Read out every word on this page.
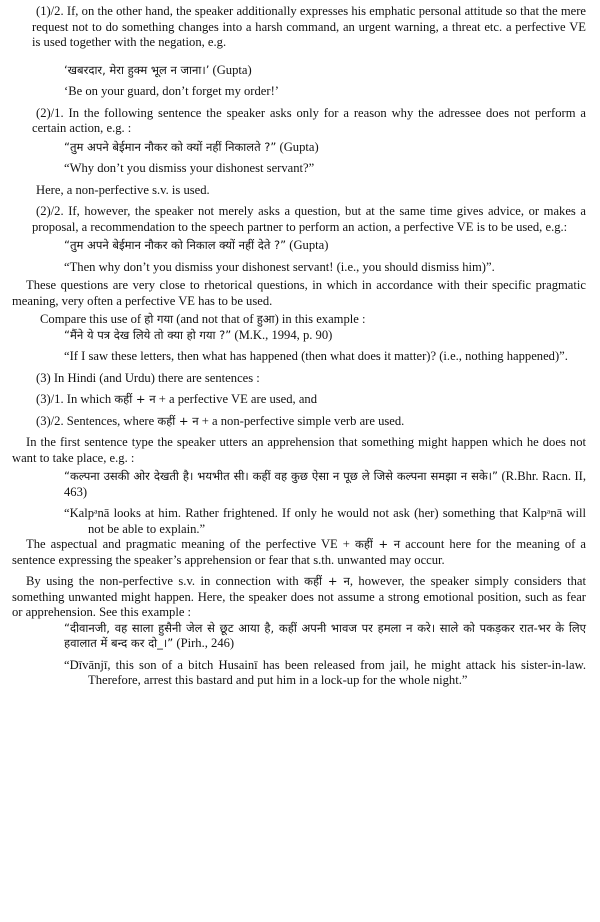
(1)/2. If, on the other hand, the speaker additionally expresses his emphatic personal attitude so that the mere request not to do something changes into a harsh command, an urgent warning, a threat etc. a perfective VE is used together with the negation, e.g.

‘खबरदार, मेरा हुक्म भूल न जाना।’ (Gupta)

‘Be on your guard, don’t forget my order!’

(2)/1. In the following sentence the speaker asks only for a reason why the adressee does not perform a certain action, e.g. :

“तुम अपने बेईमान नौकर को क्यों नहीं निकालते ?” (Gupta)

“Why don’t you dismiss your dishonest servant?”

Here, a non-perfective s.v. is used.

(2)/2. If, however, the speaker not merely asks a question, but at the same time gives advice, or makes a proposal, a recommendation to the speech partner to perform an action, a perfective VE is to be used, e.g.:

“तुम अपने बेईमान नौकर को निकाल क्यों नहीं देते ?” (Gupta)

“Then why don’t you dismiss your dishonest servant! (i.e., you should dismiss him)”.

These questions are very close to rhetorical questions, in which in accordance with their specific pragmatic meaning, very often a perfective VE has to be used.

Compare this use of हो गया (and not that of हुआ) in this example :

“मैंने ये पत्र देख लिये तो क्या हो गया ?” (M.K., 1994, p. 90)

“If I saw these letters, then what has happened (then what does it matter)? (i.e., nothing happened)”.

(3) In Hindi (and Urdu) there are sentences :

(3)/1. In which कहीं + न + a perfective VE are used, and

(3)/2. Sentences, where कहीं + न + a non-perfective simple verb are used.

In the first sentence type the speaker utters an apprehension that something might happen which he does not want to take place, e.g. :

“कल्पना उसकी ओर देखती है। भयभीत सी। कहीं वह कुछ ऐसा न पूछ ले जिसे कल्पना समझा न सके।” (R.Bhr. Racn. II, 463)

“Kalpᵃnā looks at him. Rather frightened. If only he would not ask (her) something that Kalpᵃnā will not be able to explain.”

The aspectual and pragmatic meaning of the perfective VE + कहीं + न account here for the meaning of a sentence expressing the speaker’s apprehension or fear that s.th. unwanted may occur.

By using the non-perfective s.v. in connection with कहीं + न, however, the speaker simply considers that something unwanted might happen. Here, the speaker does not assume a strong emotional position, such as fear or apprehension. See this example :

“दीवानजी, वह साला हुसैनी जेल से छूट आया है, कहीं अपनी भावज पर हमला न करे। साले को पकड़कर रात-भर के लिए हवालात में बन्द कर दो_।” (Pirh., 246)

“Dīvānjī, this son of a bitch Husainī has been released from jail, he might attack his sister-in-law. Therefore, arrest this bastard and put him in a lock-up for the whole night.”
